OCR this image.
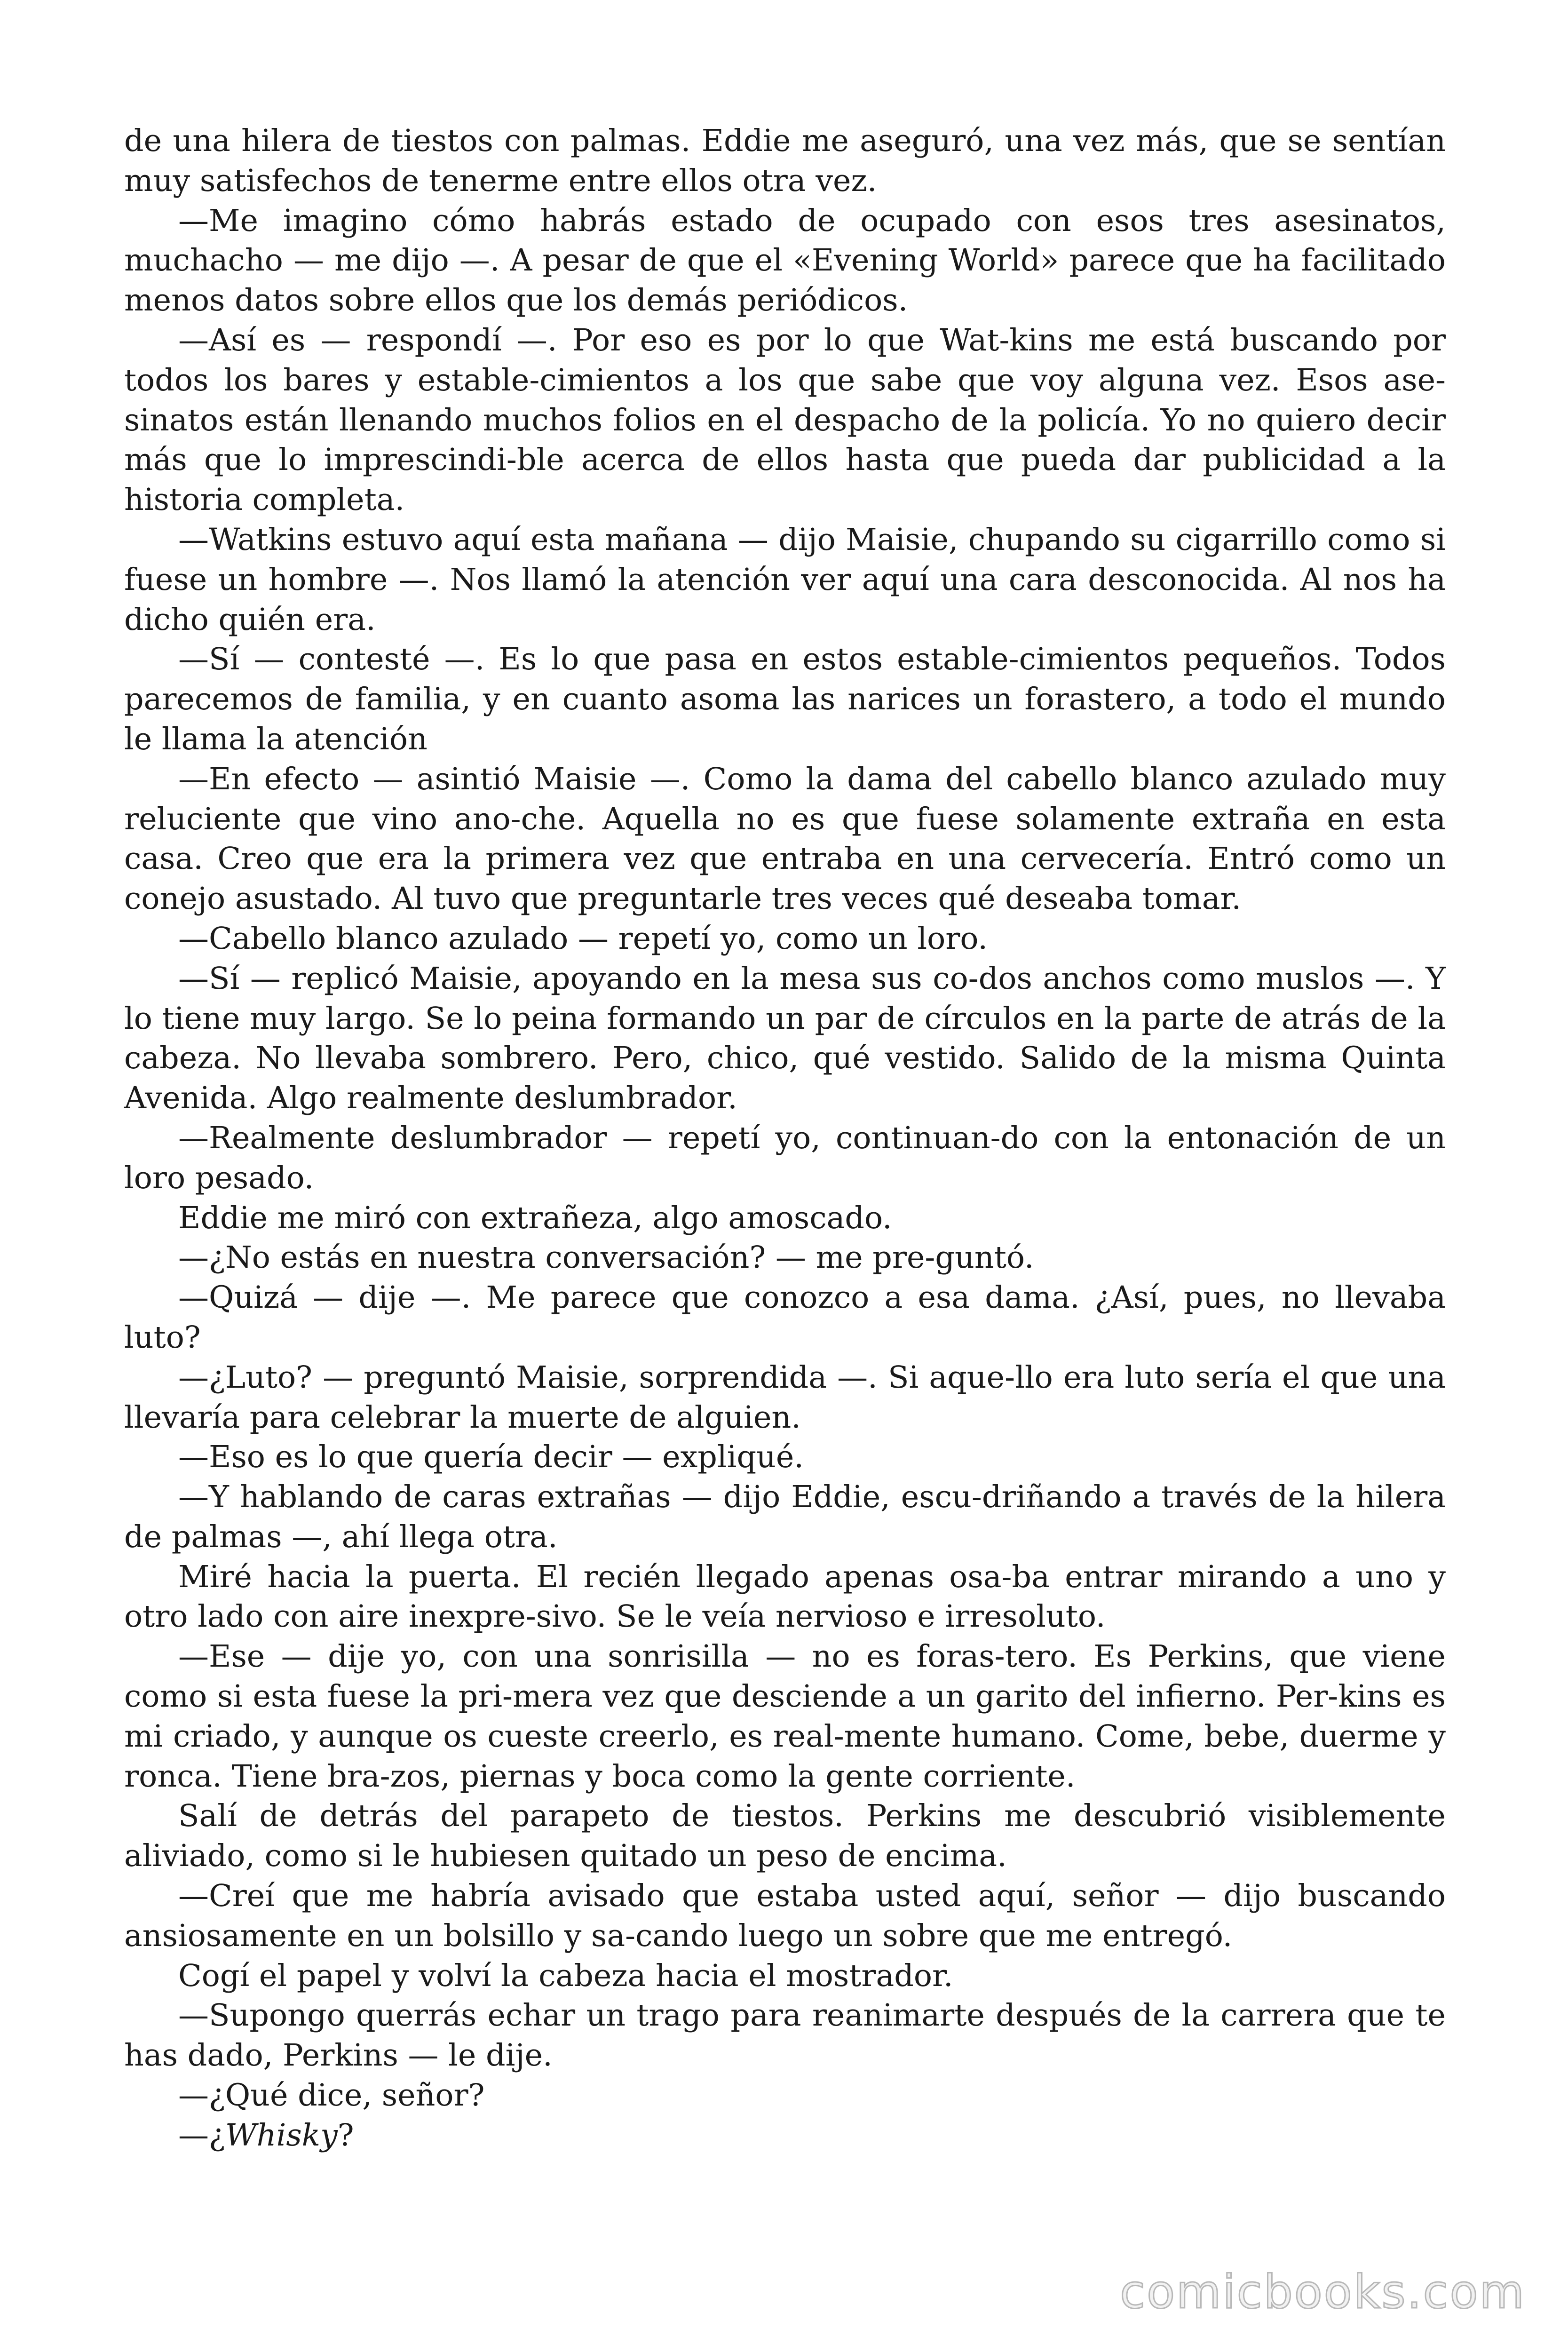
de una hilera de tiestos con palmas. Eddie me aseguró, una vez más, que se sentían muy satisfechos de tenerme entre ellos otra vez.

—Me imagino cómo habrás estado de ocupado con esos tres asesinatos, muchacho — me dijo —. A pesar de que el «Evening World» parece que ha facilitado menos datos sobre ellos que los demás periódicos.

—Así es — respondí —. Por eso es por lo que Wat-kins me está buscando por todos los bares y estable-cimientos a los que sabe que voy alguna vez. Esos ase-sinatos están llenando muchos folios en el despacho de la policía. Yo no quiero decir más que lo imprescindi-ble acerca de ellos hasta que pueda dar publicidad a la historia completa.

—Watkins estuvo aquí esta mañana — dijo Maisie, chupando su cigarrillo como si fuese un hombre —. Nos llamó la atención ver aquí una cara desconocida. Al nos ha dicho quién era.

—Sí — contesté —. Es lo que pasa en estos estable-cimientos pequeños. Todos parecemos de familia, y en cuanto asoma las narices un forastero, a todo el mundo le llama la atención

—En efecto — asintió Maisie —. Como la dama del cabello blanco azulado muy reluciente que vino ano-che. Aquella no es que fuese solamente extraña en esta casa. Creo que era la primera vez que entraba en una cervecería. Entró como un conejo asustado. Al tuvo que preguntarle tres veces qué deseaba tomar.

—Cabello blanco azulado — repetí yo, como un loro.

—Sí — replicó Maisie, apoyando en la mesa sus co-dos anchos como muslos —. Y lo tiene muy largo. Se lo peina formando un par de círculos en la parte de atrás de la cabeza. No llevaba sombrero. Pero, chico, qué vestido. Salido de la misma Quinta Avenida. Algo realmente deslumbrador.

—Realmente deslumbrador — repetí yo, continuan-do con la entonación de un loro pesado.

Eddie me miró con extrañeza, algo amoscado.

—¿No estás en nuestra conversación? — me pre-guntó.

—Quizá — dije —. Me parece que conozco a esa dama. ¿Así, pues, no llevaba luto?

—¿Luto? — preguntó Maisie, sorprendida —. Si aque-llo era luto sería el que una llevaría para celebrar la muerte de alguien.

—Eso es lo que quería decir — expliqué.

—Y hablando de caras extrañas — dijo Eddie, escu-driñando a través de la hilera de palmas —, ahí llega otra.

Miré hacia la puerta. El recién llegado apenas osa-ba entrar mirando a uno y otro lado con aire inexpre-sivo. Se le veía nervioso e irresoluto.

—Ese — dije yo, con una sonrisilla — no es foras-tero. Es Perkins, que viene como si esta fuese la pri-mera vez que desciende a un garito del infierno. Per-kins es mi criado, y aunque os cueste creerlo, es real-mente humano. Come, bebe, duerme y ronca. Tiene bra-zos, piernas y boca como la gente corriente.

Salí de detrás del parapeto de tiestos. Perkins me descubrió visiblemente aliviado, como si le hubiesen quitado un peso de encima.

—Creí que me habría avisado que estaba usted aquí, señor — dijo buscando ansiosamente en un bolsillo y sa-cando luego un sobre que me entregó.

Cogí el papel y volví la cabeza hacia el mostrador.

—Supongo querrás echar un trago para reanimarte después de la carrera que te has dado, Perkins — le dije.

—¿Qué dice, señor?

—¿Whisky?

comicbooks.com
